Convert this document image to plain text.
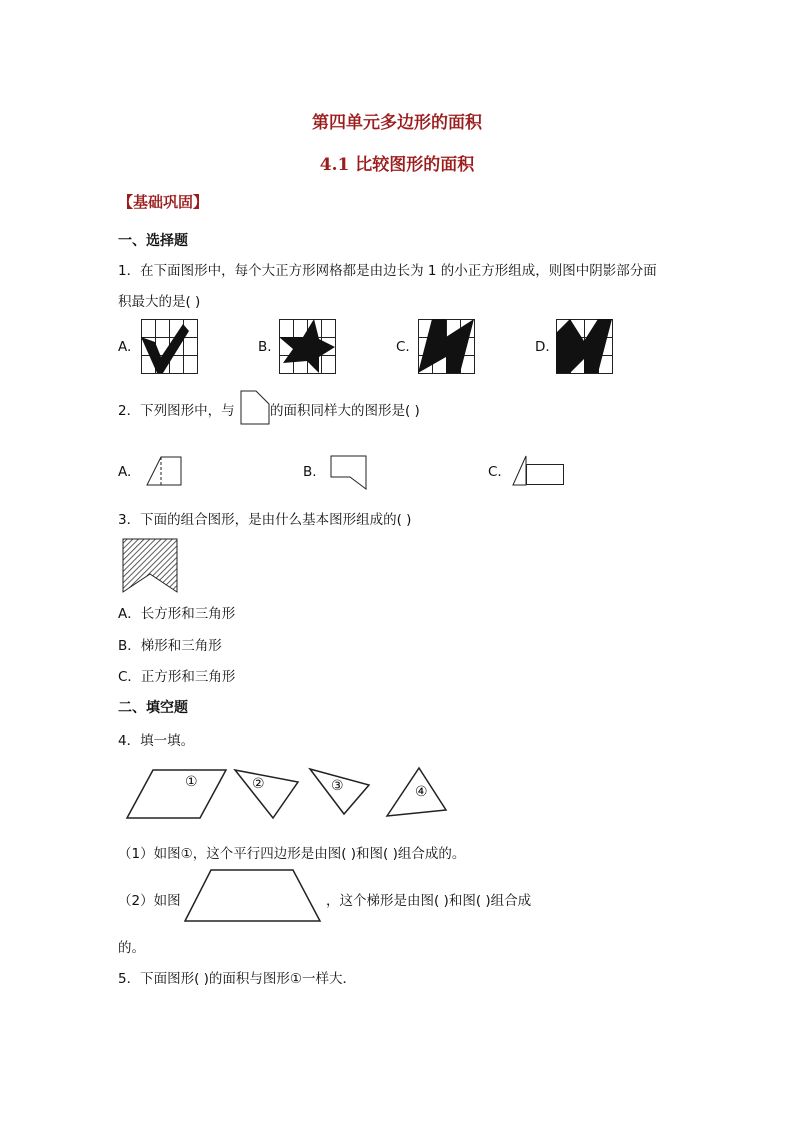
第四单元多边形的面积
4.1 比较图形的面积
【基础巩固】
一、选择题
1．在下面图形中，每个大正方形网格都是由边长为 1 的小正方形组成，则图中阴影部分面
积最大的是( )
A.	B.	C.	D.
2．下列图形中，与	的面积同样大的图形是( )
A.	B.	C.
3．下面的组合图形，是由什么基本图形组成的( )
A．长方形和三角形
B．梯形和三角形
C．正方形和三角形
二、填空题
4．填一填。
①	②	③	④
（1）如图①，这个平行四边形是由图( )和图( )组合成的。
（2）如图	，这个梯形是由图( )和图( )组合成
的。
5．下面图形( )的面积与图形①一样大．
